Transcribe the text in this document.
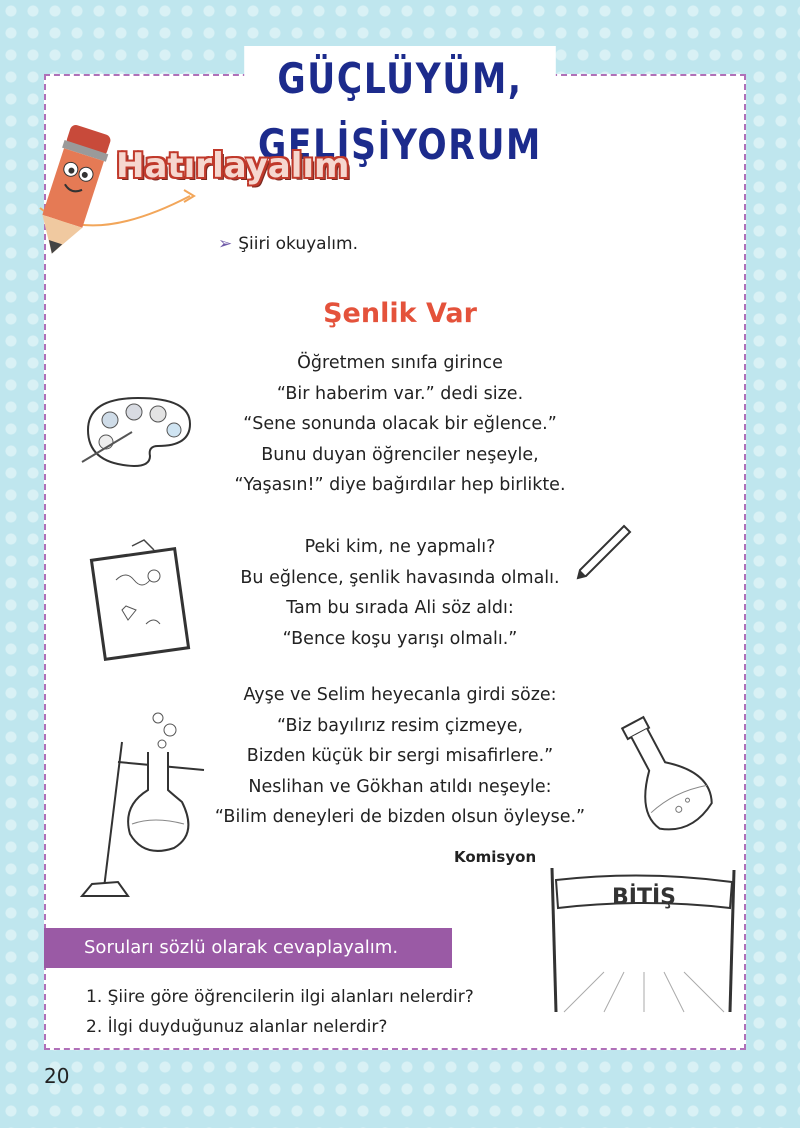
GÜÇLÜYÜM, GELİŞİYORUM
Hatırlayalım
➢ Şiiri okuyalım.
Şenlik Var
Öğretmen sınıfa girince
“Bir haberim var.” dedi size.
“Sene sonunda olacak bir eğlence.”
Bunu duyan öğrenciler neşeyle,
“Yaşasın!” diye bağırdılar hep birlikte.
Peki kim, ne yapmalı?
Bu eğlence, şenlik havasında olmalı.
Tam bu sırada Ali söz aldı:
“Bence koşu yarışı olmalı.”
Ayşe ve Selim heyecanla girdi söze:
“Biz bayılırız resim çizmeye,
Bizden küçük bir sergi misafirlere.”
Neslihan ve Gökhan atıldı neşeyle:
“Bilim deneyleri de bizden olsun öyleyse.”
Komisyon
BİTİŞ
Soruları sözlü olarak cevaplayalım.
1. Şiire göre öğrencilerin ilgi alanları nelerdir?
2. İlgi duyduğunuz alanlar nelerdir?
20
